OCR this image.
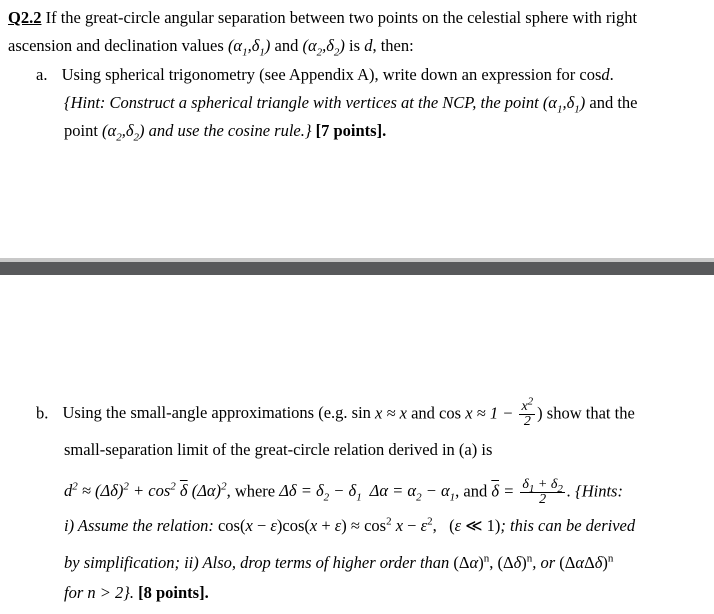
Q2.2 If the great-circle angular separation between two points on the celestial sphere with right
ascension and declination values $(\alpha_1,\delta_1)$ and $(\alpha_2,\delta_2)$ is d, then:
a. Using spherical trigonometry (see Appendix A), write down an expression for cosd.
{Hint: Construct a spherical triangle with vertices at the NCP, the point $(\alpha_1,\delta_1)$ and the
point $(\alpha_2,\delta_2)$ and use the cosine rule.} [7 points].
b. Using the small-angle approximations (e.g. sin x ≈ x and $\cos x \approx 1 - \frac{x^2}{2}$ ) show that the
small-separation limit of the great-circle relation derived in (a) is
$d^2 \approx (\Delta\delta)^2 + \cos^2 \overline{\delta}$ $(\Delta\alpha)^2$, where $\Delta\delta = \delta_2 - \delta_1$  $\Delta\alpha = \alpha_2 - \alpha_1$, and $\overline{\delta} = \frac{\delta_1 + \delta_2}{2}$ . {Hints:
i) Assume the relation: $\cos(x - \varepsilon)\cos(x + \varepsilon) \approx \cos^2 x - \varepsilon^2$,   (ε ≪ 1); this can be derived
by simplification; ii) Also, drop terms of higher order than $(\Delta\alpha)^n$, $(\Delta\delta)^n$, or $(\Delta\alpha\Delta\delta)^n$
for n > 2}. [8 points].
